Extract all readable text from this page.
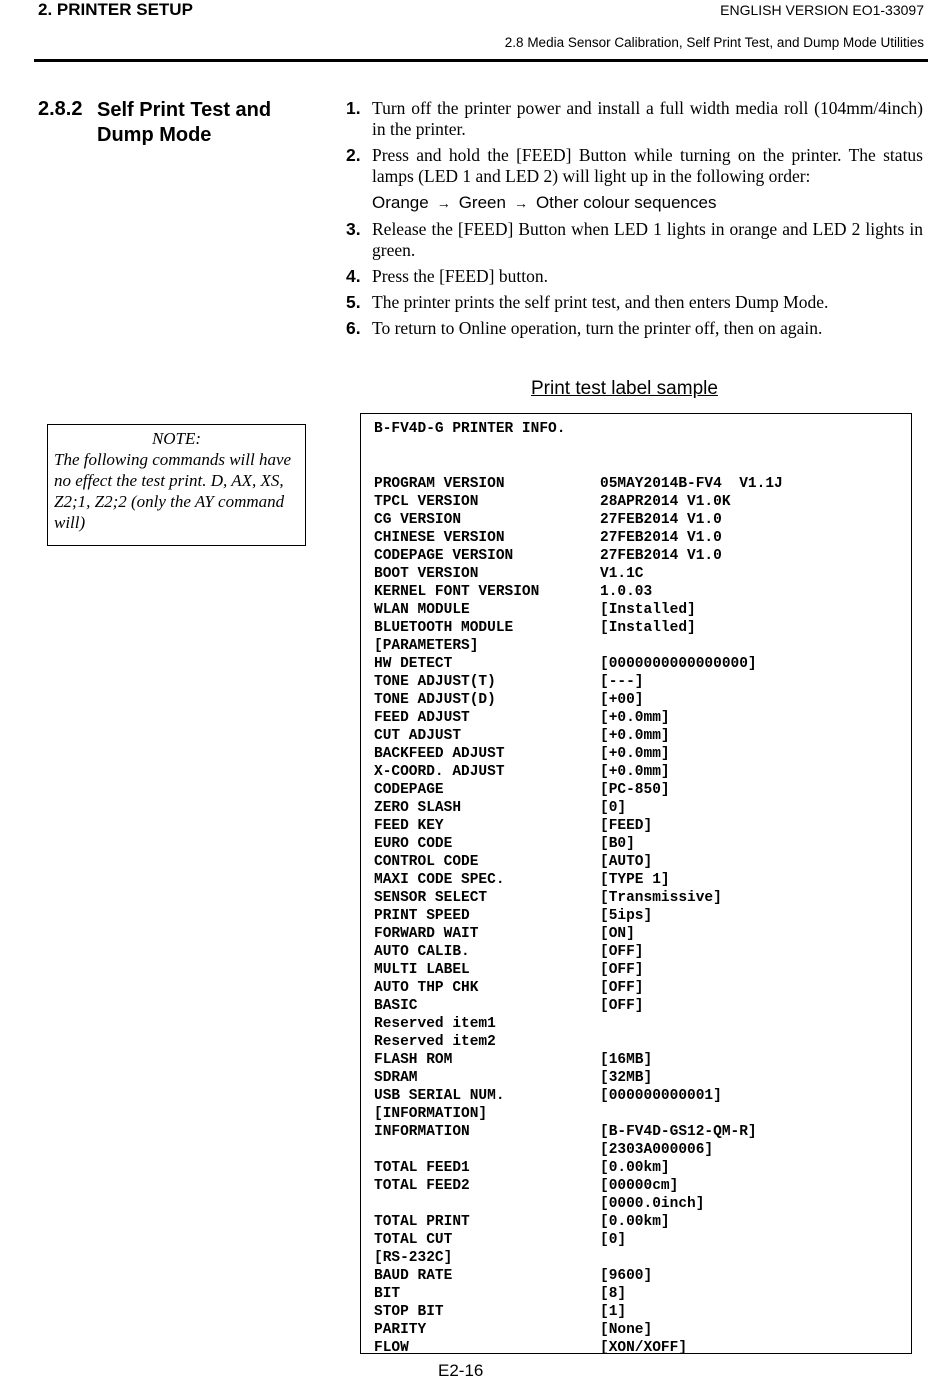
2. PRINTER SETUP	ENGLISH VERSION EO1-33097
2.8 Media Sensor Calibration, Self Print Test, and Dump Mode Utilities
2.8.2 Self Print Test and Dump Mode
1. Turn off the printer power and install a full width media roll (104mm/4inch) in the printer.
2. Press and hold the [FEED] Button while turning on the printer. The status lamps (LED 1 and LED 2) will light up in the following order:
Orange → Green → Other colour sequences
3. Release the [FEED] Button when LED 1 lights in orange and LED 2 lights in green.
4. Press the [FEED] button.
5. The printer prints the self print test, and then enters Dump Mode.
6. To return to Online operation, turn the printer off, then on again.
Print test label sample
NOTE:
The following commands will have no effect the test print. D, AX, XS, Z2;1, Z2;2 (only the AY command will)
B-FV4D-G PRINTER INFO.
PROGRAM VERSION	05MAY2014B-FV4  V1.1J
TPCL VERSION	28APR2014 V1.0K
CG VERSION	27FEB2014 V1.0
CHINESE VERSION	27FEB2014 V1.0
CODEPAGE VERSION	27FEB2014 V1.0
BOOT VERSION	V1.1C
KERNEL FONT VERSION	1.0.03
WLAN MODULE	[Installed]
BLUETOOTH MODULE	[Installed]
[PARAMETERS]
HW DETECT	[0000000000000000]
TONE ADJUST(T)	[---]
TONE ADJUST(D)	[+00]
FEED ADJUST	[+0.0mm]
CUT ADJUST	[+0.0mm]
BACKFEED ADJUST	[+0.0mm]
X-COORD. ADJUST	[+0.0mm]
CODEPAGE	[PC-850]
ZERO SLASH	[0]
FEED KEY	[FEED]
EURO CODE	[B0]
CONTROL CODE	[AUTO]
MAXI CODE SPEC.	[TYPE 1]
SENSOR SELECT	[Transmissive]
PRINT SPEED	[5ips]
FORWARD WAIT	[ON]
AUTO CALIB.	[OFF]
MULTI LABEL	[OFF]
AUTO THP CHK	[OFF]
BASIC	[OFF]
Reserved item1
Reserved item2
FLASH ROM	[16MB]
SDRAM	[32MB]
USB SERIAL NUM.	[000000000001]
[INFORMATION]
INFORMATION	[B-FV4D-GS12-QM-R]
[2303A000006]
TOTAL FEED1	[0.00km]
TOTAL FEED2	[00000cm]
[0000.0inch]
TOTAL PRINT	[0.00km]
TOTAL CUT	[0]
[RS-232C]
BAUD RATE	[9600]
BIT	[8]
STOP BIT	[1]
PARITY	[None]
FLOW	[XON/XOFF]
E2-16
